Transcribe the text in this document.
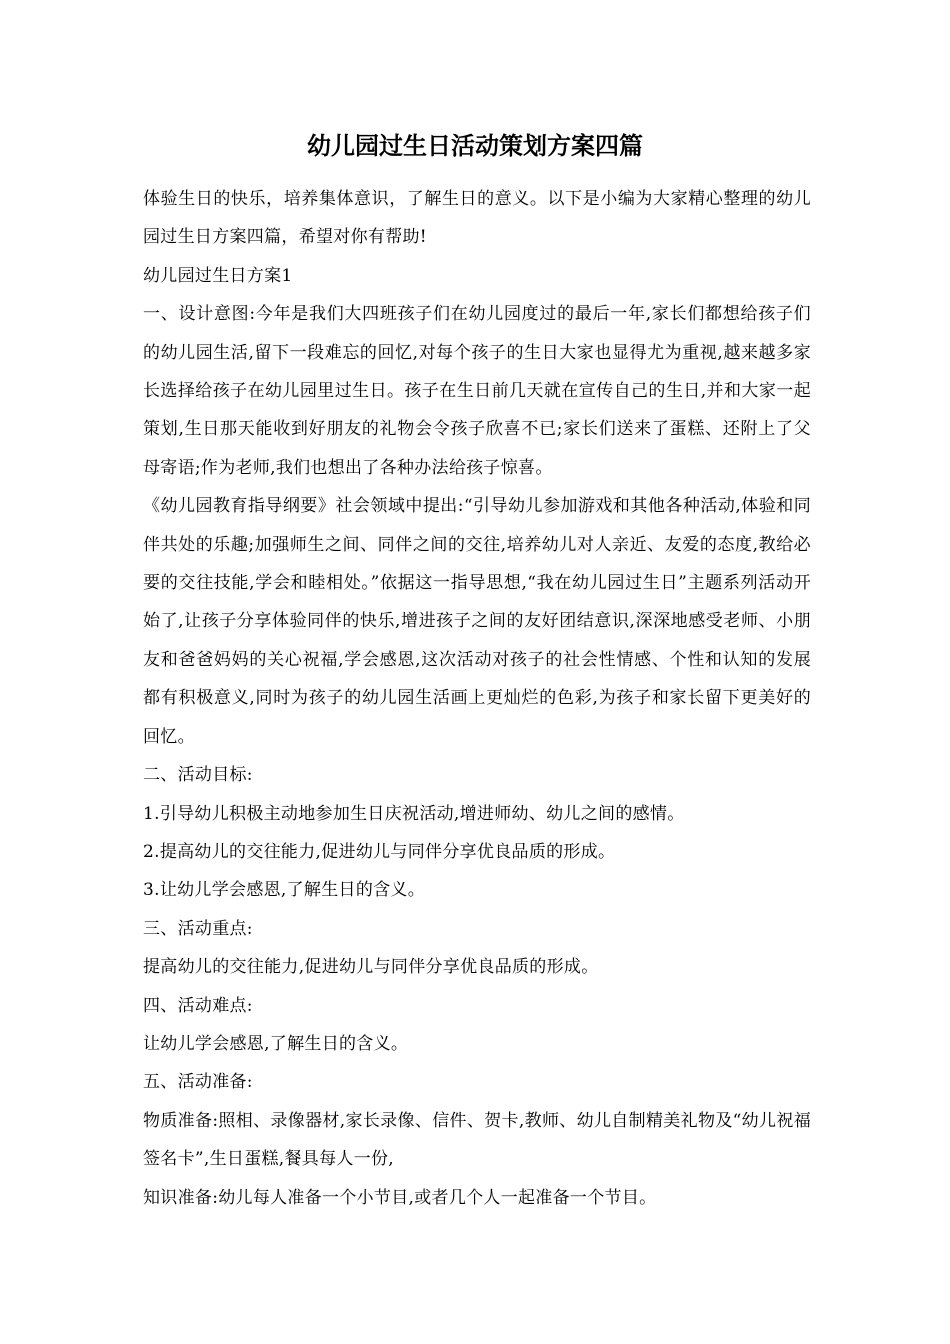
幼儿园过生日活动策划方案四篇

体验生日的快乐，培养集体意识，了解生日的意义。以下是小编为大家精心整理的幼儿园过生日方案四篇，希望对你有帮助!

幼儿园过生日方案1

一、设计意图:今年是我们大四班孩子们在幼儿园度过的最后一年,家长们都想给孩子们的幼儿园生活,留下一段难忘的回忆,对每个孩子的生日大家也显得尤为重视,越来越多家长选择给孩子在幼儿园里过生日。孩子在生日前几天就在宣传自己的生日,并和大家一起策划,生日那天能收到好朋友的礼物会令孩子欣喜不已;家长们送来了蛋糕、还附上了父母寄语;作为老师,我们也想出了各种办法给孩子惊喜。

《幼儿园教育指导纲要》社会领域中提出:“引导幼儿参加游戏和其他各种活动,体验和同伴共处的乐趣;加强师生之间、同伴之间的交往,培养幼儿对人亲近、友爱的态度,教给必要的交往技能,学会和睦相处。”依据这一指导思想,“我在幼儿园过生日”主题系列活动开始了,让孩子分享体验同伴的快乐,增进孩子之间的友好团结意识,深深地感受老师、小朋友和爸爸妈妈的关心祝福,学会感恩,这次活动对孩子的社会性情感、个性和认知的发展都有积极意义,同时为孩子的幼儿园生活画上更灿烂的色彩,为孩子和家长留下更美好的回忆。

二、活动目标:

1.引导幼儿积极主动地参加生日庆祝活动,增进师幼、幼儿之间的感情。

2.提高幼儿的交往能力,促进幼儿与同伴分享优良品质的形成。

3.让幼儿学会感恩,了解生日的含义。

三、活动重点:

提高幼儿的交往能力,促进幼儿与同伴分享优良品质的形成。

四、活动难点:

让幼儿学会感恩,了解生日的含义。

五、活动准备:

物质准备:照相、录像器材,家长录像、信件、贺卡,教师、幼儿自制精美礼物及“幼儿祝福签名卡”,生日蛋糕,餐具每人一份,

知识准备:幼儿每人准备一个小节目,或者几个人一起准备一个节目。
